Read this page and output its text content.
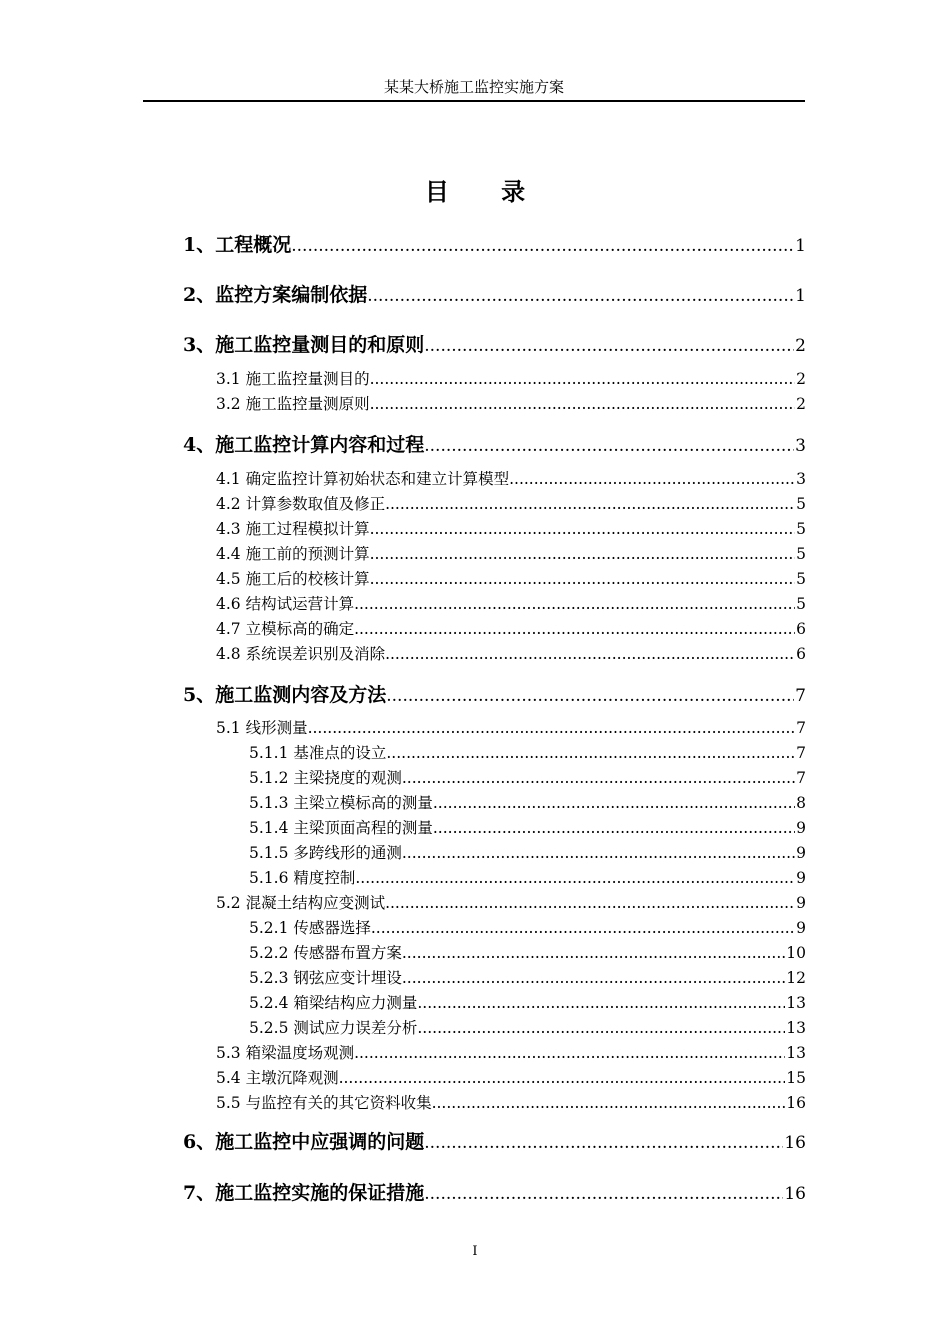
某某大桥施工监控实施方案
目 录
1、工程概况 .....	1
2、监控方案编制依据 .....	1
3、施工监控量测目的和原则 .....	2
3.1 施工监控量测目的 .....	2
3.2 施工监控量测原则 .....	2
4、施工监控计算内容和过程 .....	3
4.1 确定监控计算初始状态和建立计算模型 .....	3
4.2 计算参数取值及修正 .....	5
4.3 施工过程模拟计算 .....	5
4.4 施工前的预测计算 .....	5
4.5 施工后的校核计算 .....	5
4.6 结构试运营计算 .....	5
4.7 立模标高的确定 .....	6
4.8 系统误差识别及消除 .....	6
5、施工监测内容及方法 .....	7
5.1 线形测量 .....	7
5.1.1 基准点的设立 .....	7
5.1.2 主梁挠度的观测 .....	7
5.1.3 主梁立模标高的测量 .....	8
5.1.4 主梁顶面高程的测量 .....	9
5.1.5 多跨线形的通测 .....	9
5.1.6 精度控制 .....	9
5.2 混凝土结构应变测试 .....	9
5.2.1 传感器选择 .....	9
5.2.2 传感器布置方案 .....	10
5.2.3 钢弦应变计埋设 .....	12
5.2.4 箱梁结构应力测量 .....	13
5.2.5 测试应力误差分析 .....	13
5.3 箱梁温度场观测 .....	13
5.4 主墩沉降观测 .....	15
5.5 与监控有关的其它资料收集 .....	16
6、施工监控中应强调的问题 .....	16
7、施工监控实施的保证措施 .....	16
I
